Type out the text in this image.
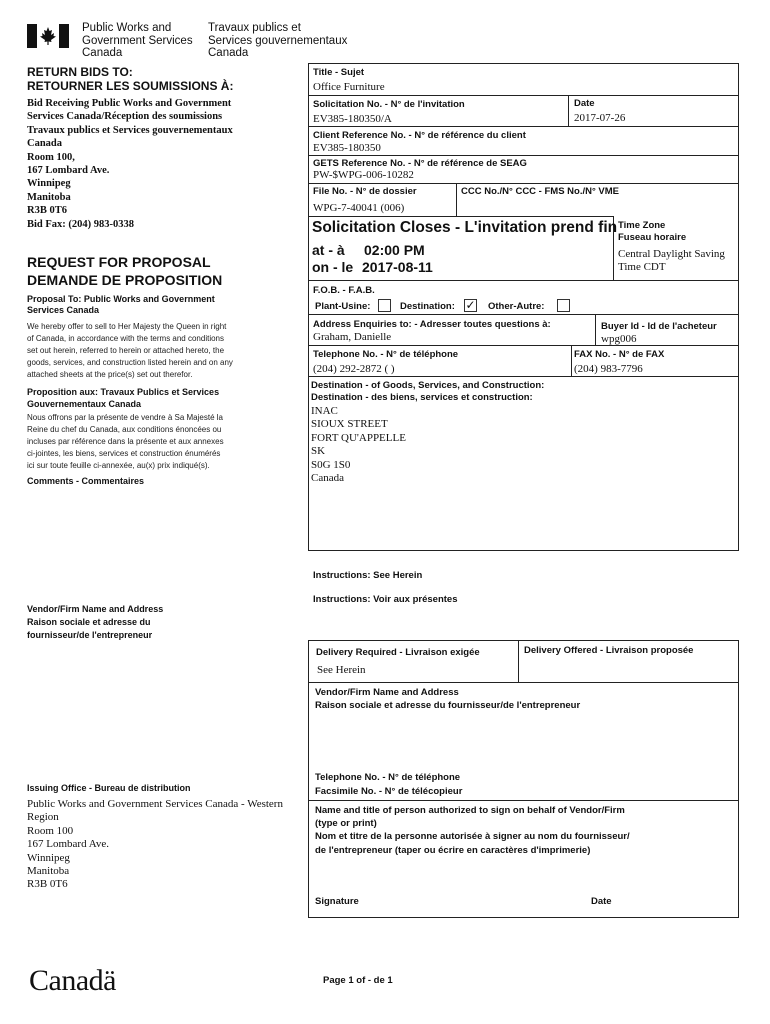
Public Works and
Government Services
Canada
Travaux publics et
Services gouvernementaux
Canada
RETURN BIDS TO:
RETOURNER LES SOUMISSIONS À:
Bid Receiving Public Works and Government
Services Canada/Réception des soumissions
Travaux publics et Services gouvernementaux
Canada
Room 100,
167 Lombard Ave.
Winnipeg
Manitoba
R3B 0T6
Bid Fax: (204) 983-0338
REQUEST FOR PROPOSAL
DEMANDE DE PROPOSITION
Proposal To: Public Works and Government
Services Canada
We hereby offer to sell to Her Majesty the Queen in right
of Canada, in accordance with the terms and conditions
set out herein, referred to herein or attached hereto, the
goods, services, and construction listed herein and on any
attached sheets at the price(s) set out therefor.
Proposition aux: Travaux Publics et Services
Gouvernementaux Canada
Nous offrons par la présente de vendre à Sa Majesté la
Reine du chef du Canada, aux conditions énoncées ou
incluses par référence dans la présente et aux annexes
ci-jointes, les biens, services et construction énumérés
ici sur toute feuille ci-annexée, au(x) prix indiqué(s).
Comments - Commentaires
Vendor/Firm Name and Address
Raison sociale et adresse du
fournisseur/de l'entrepreneur
Issuing Office - Bureau de distribution
Public Works and Government Services Canada - Western
Region
Room 100
167 Lombard Ave.
Winnipeg
Manitoba
R3B 0T6
Title - Sujet
Office Furniture
Solicitation No. - N° de l'invitation
EV385-180350/A
Date
2017-07-26
Client Reference No. - N° de référence du client
EV385-180350
GETS Reference No. - N° de référence de SEAG
PW-$WPG-006-10282
File No. - N° de dossier
WPG-7-40041 (006)
CCC No./N° CCC - FMS No./N° VME
Solicitation Closes - L'invitation prend fin
at - à 02:00 PM
on - le 2017-08-11
Time Zone
Fuseau horaire
Central Daylight Saving
Time CDT
F.O.B. - F.A.B.
Plant-Usine:	Destination: ✓ Other-Autre:
Address Enquiries to: - Adresser toutes questions à:
Graham, Danielle
Buyer Id - Id de l'acheteur
wpg006
Telephone No. - N° de téléphone
(204) 292-2872 ( )
FAX No. - N° de FAX
(204) 983-7796
Destination - of Goods, Services, and Construction:
Destination - des biens, services et construction:
INAC
SIOUX STREET
FORT QU'APPELLE
SK
S0G 1S0
Canada
Instructions: See Herein
Instructions: Voir aux présentes
Delivery Required - Livraison exigée
See Herein
Delivery Offered - Livraison proposée
Vendor/Firm Name and Address
Raison sociale et adresse du fournisseur/de l'entrepreneur
Telephone No. - N° de téléphone
Facsimile No. - N° de télécopieur
Name and title of person authorized to sign on behalf of Vendor/Firm
(type or print)
Nom et titre de la personne autorisée à signer au nom du fournisseur/
de l'entrepreneur (taper ou écrire en caractères d'imprimerie)
Signature	Date
Canadä	Page 1 of - de 1
